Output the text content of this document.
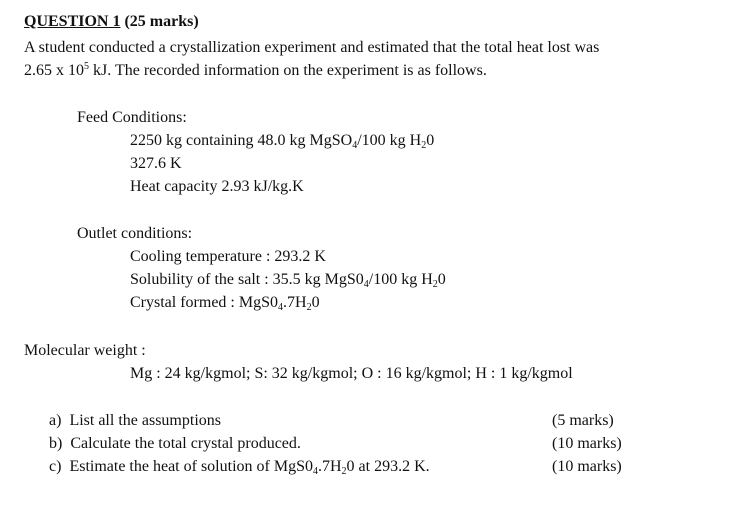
QUESTION 1 (25 marks)
A student conducted a crystallization experiment and estimated that the total heat lost was
2.65 x $10^5$ kJ. The recorded information on the experiment is as follows.
Feed Conditions:
2250 kg containing 48.0 kg MgSO$_4$/100 kg $H_20$
327.6 K
Heat capacity 2.93 kJ/kg.K
Outlet conditions:
Cooling temperature : 293.2 K
Solubility of the salt : 35.5 kg $MgS0_4/100$ kg $H_20$
Crystal formed : $MgS0_4.7H_20$
Molecular weight :
Mg : 24 kg/kgmol; S: 32 kg/kgmol; O : 16 kg/kgmol; H : 1 kg/kgmol
a) List all the assumptions	(5 marks)
b) Calculate the total crystal produced.	(10 marks)
c) Estimate the heat of solution of $MgS0_4.7H_20$ at 293.2 K.	(10 marks)
